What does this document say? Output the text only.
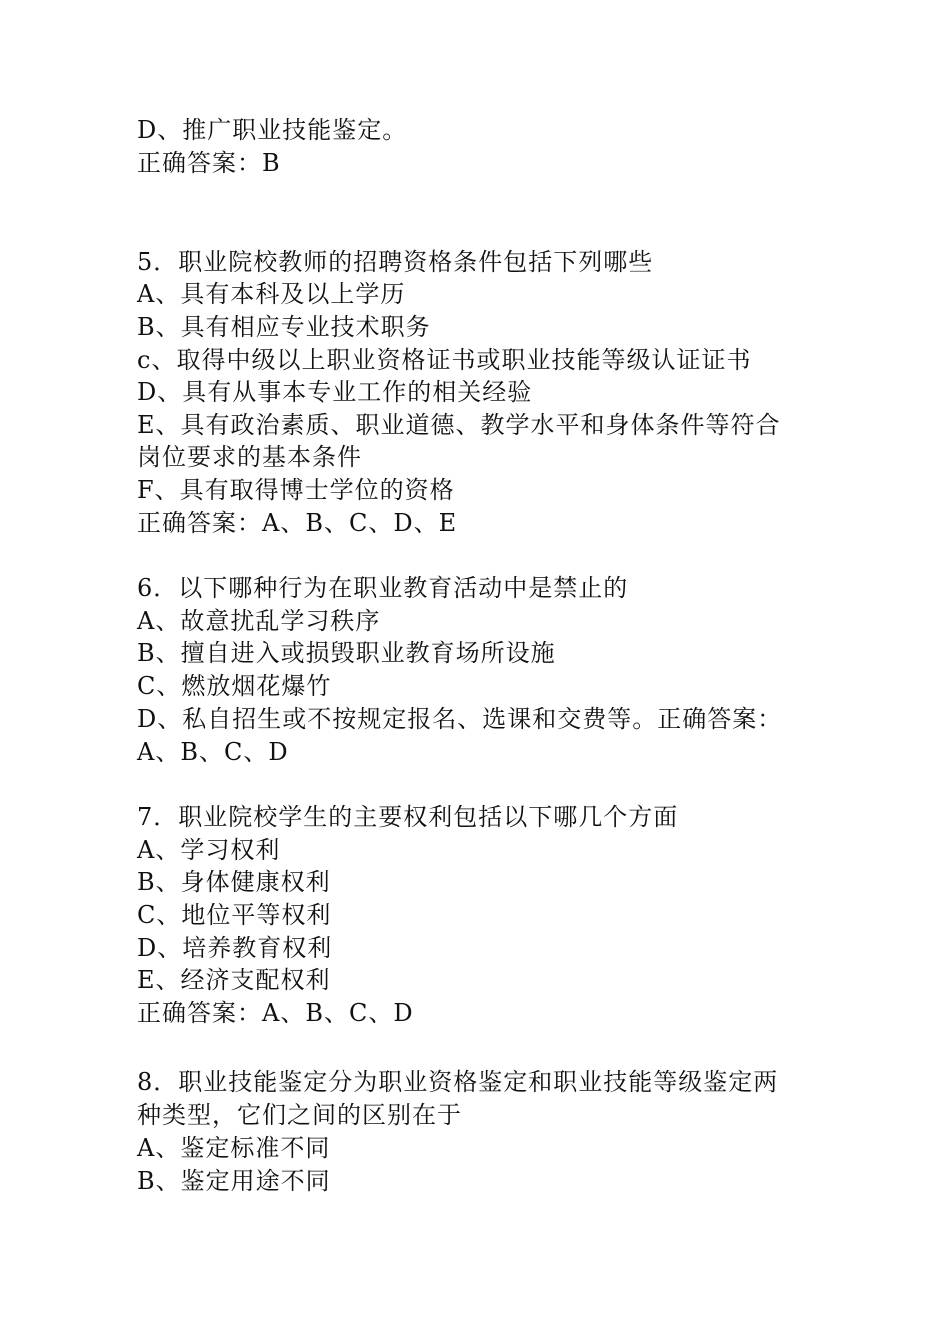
D、推广职业技能鉴定。
正确答案：B
5．职业院校教师的招聘资格条件包括下列哪些
A、具有本科及以上学历
B、具有相应专业技术职务
c、取得中级以上职业资格证书或职业技能等级认证证书
D、具有从事本专业工作的相关经验
E、具有政治素质、职业道德、教学水平和身体条件等符合
岗位要求的基本条件
F、具有取得博士学位的资格
正确答案：A、B、C、D、E
6．以下哪种行为在职业教育活动中是禁止的
A、故意扰乱学习秩序
B、擅自进入或损毁职业教育场所设施
C、燃放烟花爆竹
D、私自招生或不按规定报名、选课和交费等。正确答案：
A、B、C、D
7．职业院校学生的主要权利包括以下哪几个方面
A、学习权利
B、身体健康权利
C、地位平等权利
D、培养教育权利
E、经济支配权利
正确答案：A、B、C、D
8．职业技能鉴定分为职业资格鉴定和职业技能等级鉴定两
种类型，它们之间的区别在于
A、鉴定标准不同
B、鉴定用途不同
